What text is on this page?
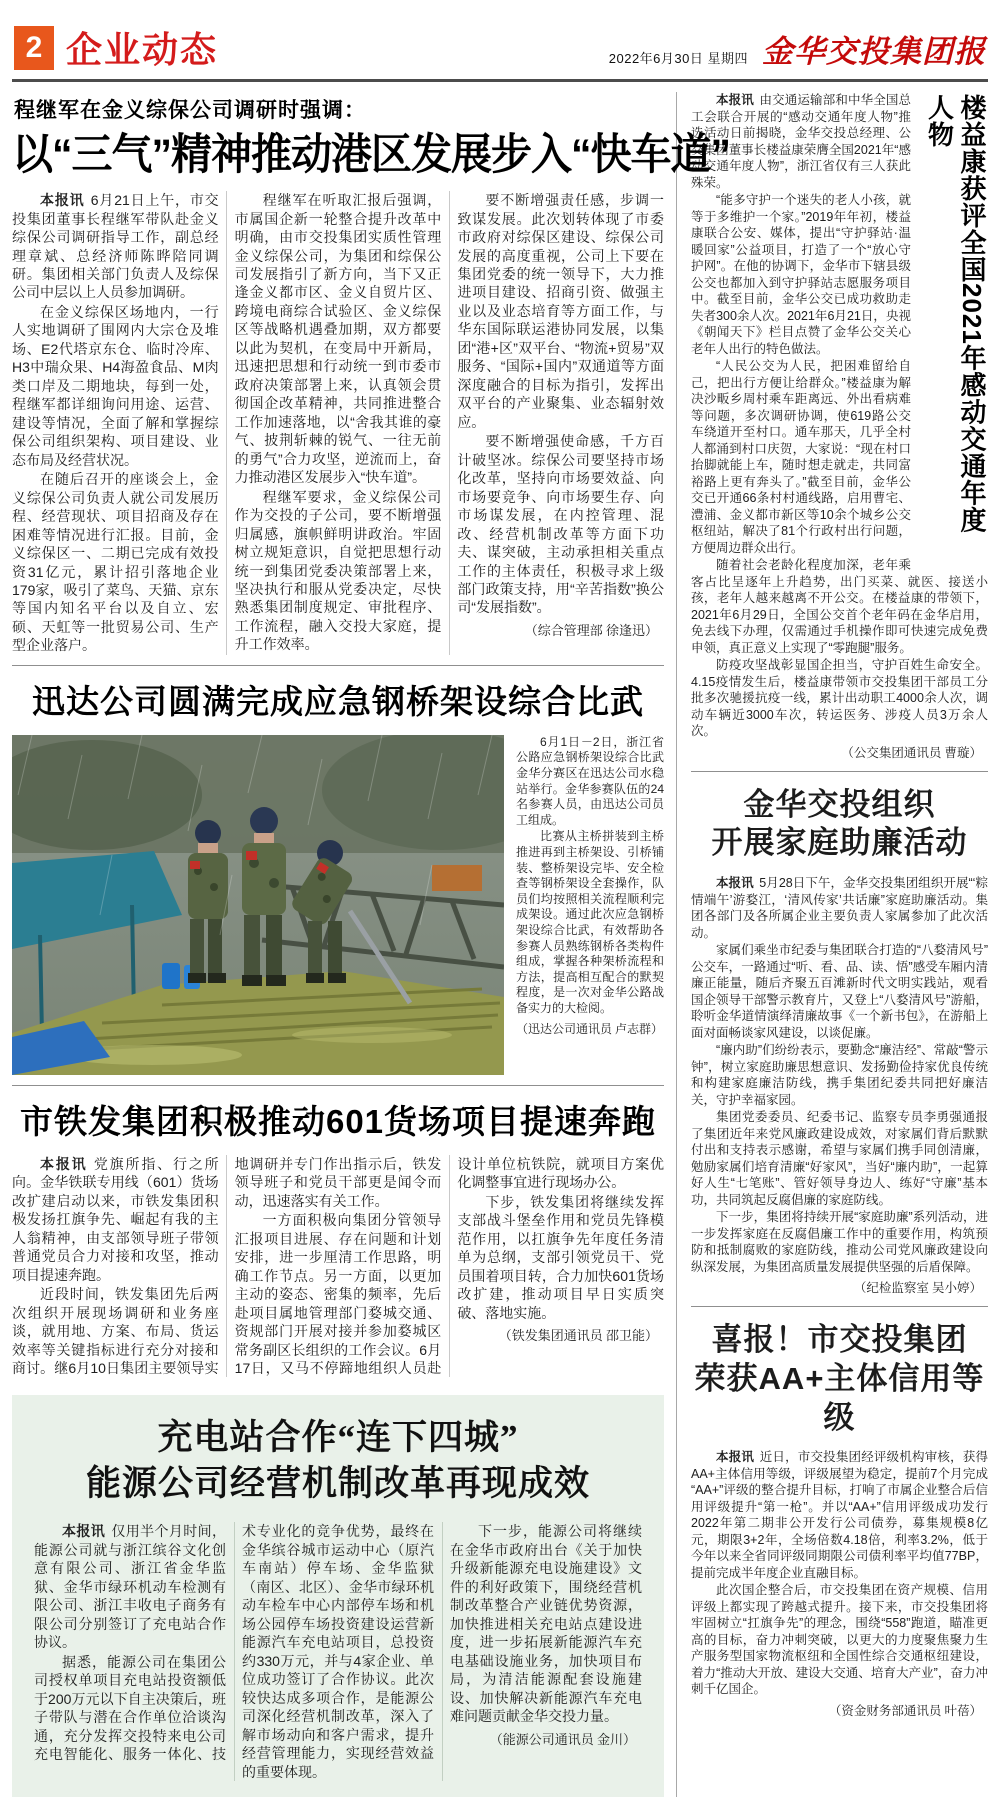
2 企业动态	2022年6月30日 星期四 金华交投集团报
程继军在金义综保公司调研时强调：
以“三气”精神推动港区发展步入“快车道”

本报讯 6月21日上午，市交投集团董事长程继军带队赴金义综保公司调研指导工作，副总经理章斌、总经济师陈晔陪同调研。集团相关部门负责人及综保公司中层以上人员参加调研。

在金义综保区场地内，一行人实地调研了围网内大宗仓及堆场、E2代塔京东仓、临时冷库、H3中瑞众果、H4海盈食品、M肉类口岸及二期地块，每到一处，程继军都详细询问用途、运营、建设等情况，全面了解和掌握综保公司组织架构、项目建设、业态布局及经营状况。

在随后召开的座谈会上，金义综保公司负责人就公司发展历程、经营现状、项目招商及存在困难等情况进行汇报。目前，金义综保区一、二期已完成有效投资31亿元，累计招引落地企业179家，吸引了菜鸟、天猫、京东等国内知名平台以及自立、宏硕、天虹等一批贸易公司、生产型企业落户。

程继军在听取汇报后强调，市属国企新一轮整合提升改革中明确，由市交投集团实质性管理金义综保公司，为集团和综保公司发展指引了新方向，当下又正逢金义都市区、金义自贸片区、跨境电商综合试验区、金义综保区等战略机遇叠加期，双方都要以此为契机，在变局中开新局，迅速把思想和行动统一到市委市政府决策部署上来，认真领会贯彻国企改革精神，共同推进整合工作加速落地，以“舍我其谁的豪气、披荆斩棘的锐气、一往无前的勇气”合力攻坚，逆流而上，奋力推动港区发展步入“快车道”。

程继军要求，金义综保公司作为交投的子公司，要不断增强归属感，旗帜鲜明讲政治。牢固树立规矩意识，自觉把思想行动统一到集团党委决策部署上来，坚决执行和服从党委决定，尽快熟悉集团制度规定、审批程序、工作流程，融入交投大家庭，提升工作效率。

要不断增强责任感，步调一致谋发展。此次划转体现了市委市政府对综保区建设、综保公司发展的高度重视，公司上下要在集团党委的统一领导下，大力推进项目建设、招商引资、做强主业以及业态培育等方面工作，与华东国际联运港协同发展，以集团“港+区”双平台、“物流+贸易”双服务、“国际+国内”双通道等方面深度融合的目标为指引，发挥出双平台的产业聚集、业态辐射效应。

要不断增强使命感，千方百计破坚冰。综保公司要坚持市场化改革，坚持向市场要效益、向市场要竞争、向市场要生存、向市场谋发展，在内控管理、混改、经营机制改革等方面下功夫、谋突破，主动承担相关重点工作的主体责任，积极寻求上级部门政策支持，用“辛苦指数”换公司“发展指数”。

（综合管理部 徐逢迅）
迅达公司圆满完成应急钢桥架设综合比武

6月1日－2日，浙江省公路应急钢桥架设综合比武金华分赛区在迅达公司水稳站举行。金华参赛队伍的24名参赛人员，由迅达公司员工组成。

比赛从主桥拼装到主桥推进再到主桥架设、引桥铺装、整桥架设完毕、安全检查等钢桥架设全套操作，队员们均按照相关流程顺利完成架设。通过此次应急钢桥架设综合比武，有效帮助各参赛人员熟练钢桥各类构件组成，掌握各种架桥流程和方法，提高相互配合的默契程度，是一次对金华公路战备实力的大检阅。

（迅达公司通讯员 卢志群）
市铁发集团积极推动601货场项目提速奔跑

本报讯 党旗所指、行之所向。金华铁联专用线（601）货场改扩建启动以来，市铁发集团积极发扬扛旗争先、崛起有我的主人翁精神，由支部领导班子带领普通党员合力对接和攻坚，推动项目提速奔跑。

近段时间，铁发集团先后两次组织开展现场调研和业务座谈，就用地、方案、布局、货运效率等关键指标进行充分对接和商讨。继6月10日集团主要领导实地调研并专门作出指示后，铁发领导班子和党员干部更是闻令而动，迅速落实有关工作。

一方面积极向集团分管领导汇报项目进展、存在问题和计划安排，进一步厘清工作思路，明确工作节点。另一方面，以更加主动的姿态、密集的频率，先后赴项目属地管理部门婺城交通、资规部门开展对接并参加婺城区常务副区长组织的工作会议。6月17日，又马不停蹄地组织人员赴设计单位杭铁院，就项目方案优化调整事宜进行现场办公。

下步，铁发集团将继续发挥支部战斗堡垒作用和党员先锋模范作用，以扛旗争先年度任务清单为总纲，支部引领党员干、党员围着项目转，合力加快601货场改扩建，推动项目早日实质突破、落地实施。

（铁发集团通讯员 邵卫能）
充电站合作“连下四城”
能源公司经营机制改革再现成效

本报讯 仅用半个月时间，能源公司就与浙江缤谷文化创意有限公司、浙江省金华监狱、金华市绿环机动车检测有限公司、浙江丰收电子商务有限公司分别签订了充电站合作协议。

据悉，能源公司在集团公司授权单项目充电站投资额低于200万元以下自主决策后，班子带队与潜在合作单位洽谈沟通，充分发挥交投特来电公司充电智能化、服务一体化、技术专业化的竞争优势，最终在金华缤谷城市运动中心（原汽车南站）停车场、金华监狱（南区、北区）、金华市绿环机动车检车中心内部停车场和机场公园停车场投资建设运营新能源汽车充电站项目，总投资约330万元，并与4家企业、单位成功签订了合作协议。此次较快达成多项合作，是能源公司深化经营机制改革，深入了解市场动向和客户需求，提升经营管理能力，实现经营效益的重要体现。

下一步，能源公司将继续在金华市政府出台《关于加快升级新能源充电设施建设》文件的利好政策下，围绕经营机制改革整合产业链优势资源，加快推进相关充电站点建设进度，进一步拓展新能源汽车充电基础设施业务，加快项目布局，为清洁能源配套设施建设、加快解决新能源汽车充电难问题贡献金华交投力量。

（能源公司通讯员 金川）
楼益康获评全国2021年感动交通年度人物

本报讯 由交通运输部和中华全国总工会联合开展的“感动交通年度人物”推选活动日前揭晓，金华交投总经理、公交集团董事长楼益康荣膺全国2021年“感动交通年度人物”，浙江省仅有三人获此殊荣。

“能多守护一个迷失的老人小孩，就等于多维护一个家。”2019年年初，楼益康联合公安、媒体，提出“守护驿站·温暖回家”公益项目，打造了一个“放心守护网”。在他的协调下，金华市下辖县级公交也都加入到守护驿站志愿服务项目中。截至目前，金华公交已成功救助走失者300余人次。2021年6月21日，央视《朝闻天下》栏目点赞了金华公交关心老年人出行的特色做法。

“人民公交为人民，把困难留给自己，把出行方便让给群众。”楼益康为解决沙畈乡周村乘车距离远、外出看病难等问题，多次调研协调，使619路公交车绕道开至村口。通车那天，几乎全村人都涌到村口庆贺，大家说：“现在村口抬脚就能上车，随时想走就走，共同富裕路上更有奔头了。”截至目前，金华公交已开通66条村村通线路，启用曹宅、澧浦、金义都市新区等10余个城乡公交枢纽站，解决了81个行政村出行问题，方便周边群众出行。

随着社会老龄化程度加深，老年乘客占比呈逐年上升趋势，出门买菜、就医、接送小孩，老年人越来越离不开公交。在楼益康的带领下，2021年6月29日，全国公交首个老年码在金华启用，免去线下办理，仅需通过手机操作即可快速完成免费申领，真正意义上实现了“零跑腿”服务。

防疫攻坚战彰显国企担当，守护百姓生命安全。4.15疫情发生后，楼益康带领市交投集团干部员工分批多次驰援抗疫一线，累计出动职工4000余人次，调动车辆近3000车次，转运医务、涉疫人员3万余人次。

（公交集团通讯员 曹璇）
金华交投组织
开展家庭助廉活动

本报讯 5月28日下午，金华交投集团组织开展“‘粽情端午’游婺江，‘清风传家’共话廉”家庭助廉活动。集团各部门及各所属企业主要负责人家属参加了此次活动。

家属们乘坐市纪委与集团联合打造的“八婺清风号”公交车，一路通过“听、看、品、读、悟”感受车厢内清廉正能量，随后齐聚五百滩新时代文明实践站，观看国企领导干部警示教育片，又登上“八婺清风号”游船，聆听金华道情演绎清廉故事《一个新书包》，在游船上面对面畅谈家风建设，以谈促廉。

“廉内助”们纷纷表示，要勤念“廉洁经”、常敲“警示钟”，树立家庭助廉思想意识、发扬勤俭持家优良传统和构建家庭廉洁防线，携手集团纪委共同把好廉洁关，守护幸福家园。

集团党委委员、纪委书记、监察专员李勇强通报了集团近年来党风廉政建设成效，对家属们背后默默付出和支持表示感谢，希望与家属们携手同创清廉，勉励家属们培育清廉“好家风”，当好“廉内助”，一起算好人生“七笔账”、管好领导身边人、练好“守廉”基本功，共同筑起反腐倡廉的家庭防线。

下一步，集团将持续开展“家庭助廉”系列活动，进一步发挥家庭在反腐倡廉工作中的重要作用，构筑预防和抵制腐败的家庭防线，推动公司党风廉政建设向纵深发展，为集团高质量发展提供坚强的后盾保障。

（纪检监察室 吴小婷）
喜报！市交投集团
荣获AA+主体信用等级

本报讯 近日，市交投集团经评级机构审核，获得AA+主体信用等级，评级展望为稳定，提前7个月完成“AA+”评级的整合提升目标，打响了市属企业整合后信用评级提升“第一枪”。并以“AA+”信用评级成功发行2022年第二期非公开发行公司债券，募集规模8亿元，期限3+2年，全场倍数4.18倍，利率3.2%，低于今年以来全省同评级同期限公司债利率平均值77BP，提前完成半年度企业直融目标。

此次国企整合后，市交投集团在资产规模、信用评级上都实现了跨越式提升。接下来，市交投集团将牢固树立“扛旗争先”的理念，围绕“558”跑道，瞄准更高的目标，奋力冲刺突破，以更大的力度聚焦聚力生产服务型国家物流枢纽和全国性综合交通枢纽建设，着力“推动大开放、建设大交通、培育大产业”，奋力冲刺千亿国企。

（资金财务部通讯员 叶蓓）
